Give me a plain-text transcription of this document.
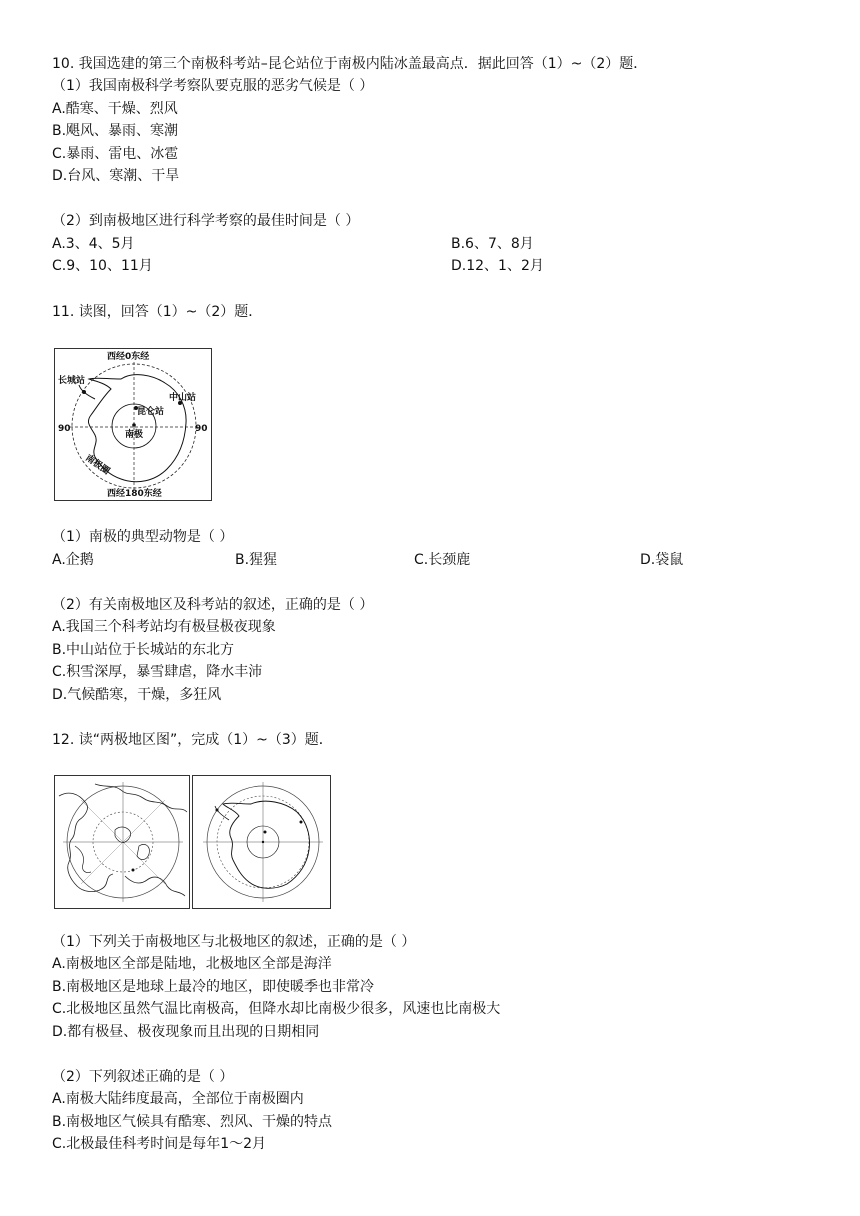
10. 我国选建的第三个南极科考站–昆仑站位于南极内陆冰盖最高点．据此回答（1）~（2）题．
（1）我国南极科学考察队要克服的恶劣气候是（ ）
A.酷寒、干燥、烈风
B.飓风、暴雨、寒潮
C.暴雨、雷电、冰雹
D.台风、寒潮、干旱
（2）到南极地区进行科学考察的最佳时间是（ ）
A.3、4、5月	B.6、7、8月
C.9、10、11月	D.12、1、2月
11. 读图，回答（1）~（2）题．
西经0东经
西经180东经
90	90
长城站
中山站
昆仑站
南极
南极圈
（1）南极的典型动物是（ ）
A.企鹅	B.猩猩	C.长颈鹿	D.袋鼠
（2）有关南极地区及科考站的叙述，正确的是（ ）
A.我国三个科考站均有极昼极夜现象
B.中山站位于长城站的东北方
C.积雪深厚，暴雪肆虐，降水丰沛
D.气候酷寒，干燥，多狂风
12. 读“两极地区图”，完成（1）~（3）题．
（1）下列关于南极地区与北极地区的叙述，正确的是（ ）
A.南极地区全部是陆地，北极地区全部是海洋
B.南极地区是地球上最冷的地区，即使暖季也非常冷
C.北极地区虽然气温比南极高，但降水却比南极少很多，风速也比南极大
D.都有极昼、极夜现象而且出现的日期相同
（2）下列叙述正确的是（ ）
A.南极大陆纬度最高，全部位于南极圈内
B.南极地区气候具有酷寒、烈风、干燥的特点
C.北极最佳科考时间是每年1～2月
